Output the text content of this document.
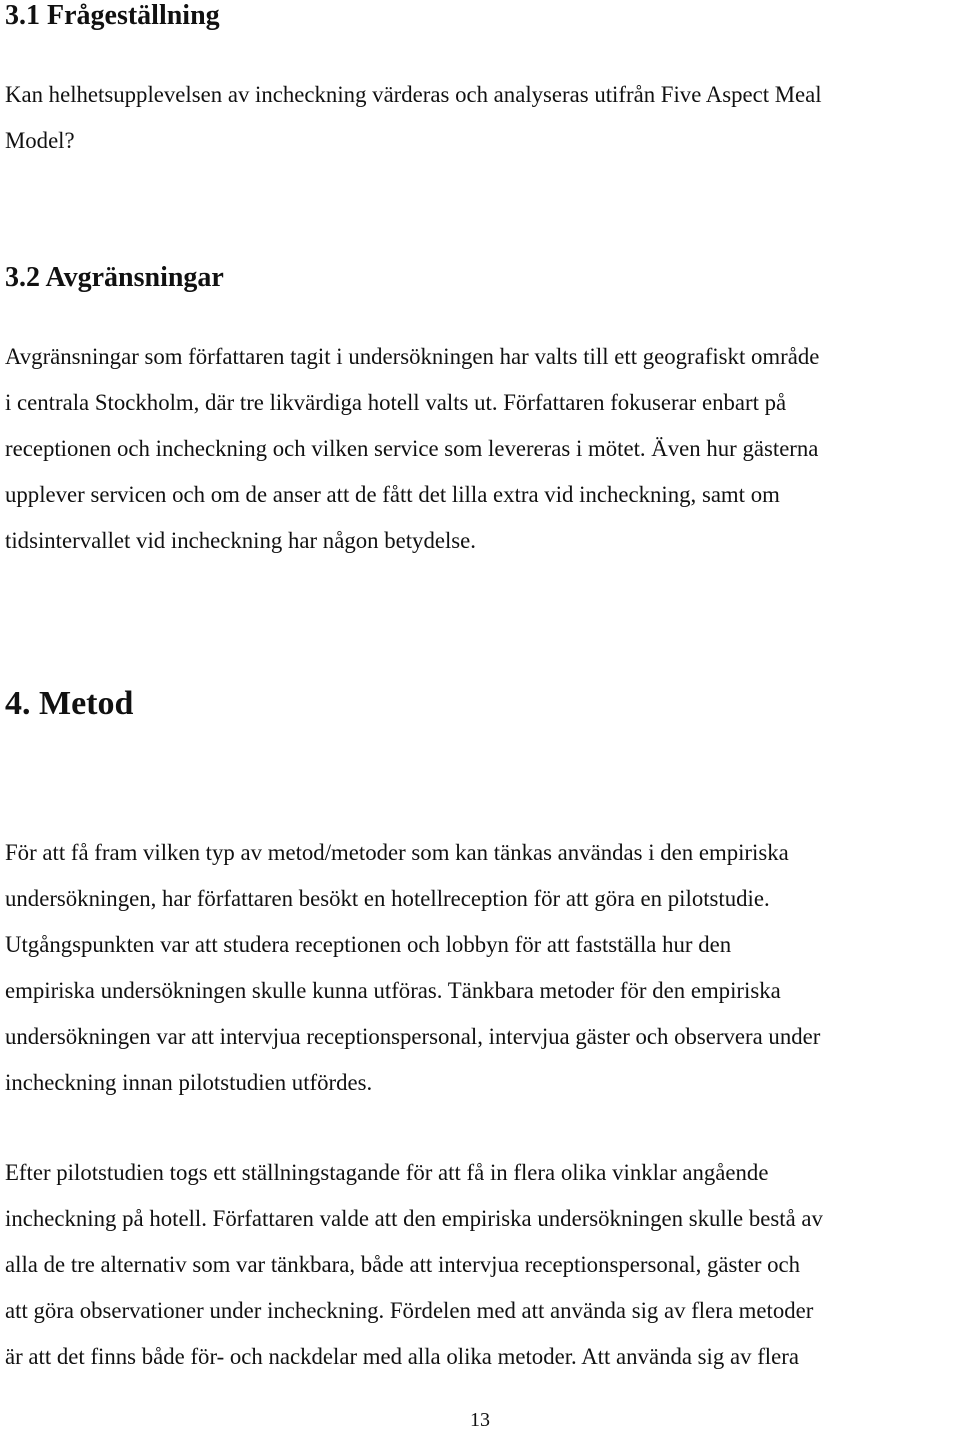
3.1 Frågeställning
Kan helhetsupplevelsen av incheckning värderas och analyseras utifrån Five Aspect Meal
Model?
3.2 Avgränsningar
Avgränsningar som författaren tagit i undersökningen har valts till ett geografiskt område
i centrala Stockholm, där tre likvärdiga hotell valts ut. Författaren fokuserar enbart på
receptionen och incheckning och vilken service som levereras i mötet. Även hur gästerna
upplever servicen och om de anser att de fått det lilla extra vid incheckning, samt om
tidsintervallet vid incheckning har någon betydelse.
4. Metod
För att få fram vilken typ av metod/metoder som kan tänkas användas i den empiriska
undersökningen, har författaren besökt en hotellreception för att göra en pilotstudie.
Utgångspunkten var att studera receptionen och lobbyn för att fastställa hur den
empiriska undersökningen skulle kunna utföras. Tänkbara metoder för den empiriska
undersökningen var att intervjua receptionspersonal, intervjua gäster och observera under
incheckning innan pilotstudien utfördes.
Efter pilotstudien togs ett ställningstagande för att få in flera olika vinklar angående
incheckning på hotell. Författaren valde att den empiriska undersökningen skulle bestå av
alla de tre alternativ som var tänkbara, både att intervjua receptionspersonal, gäster och
att göra observationer under incheckning. Fördelen med att använda sig av flera metoder
är att det finns både för- och nackdelar med alla olika metoder. Att använda sig av flera
13
